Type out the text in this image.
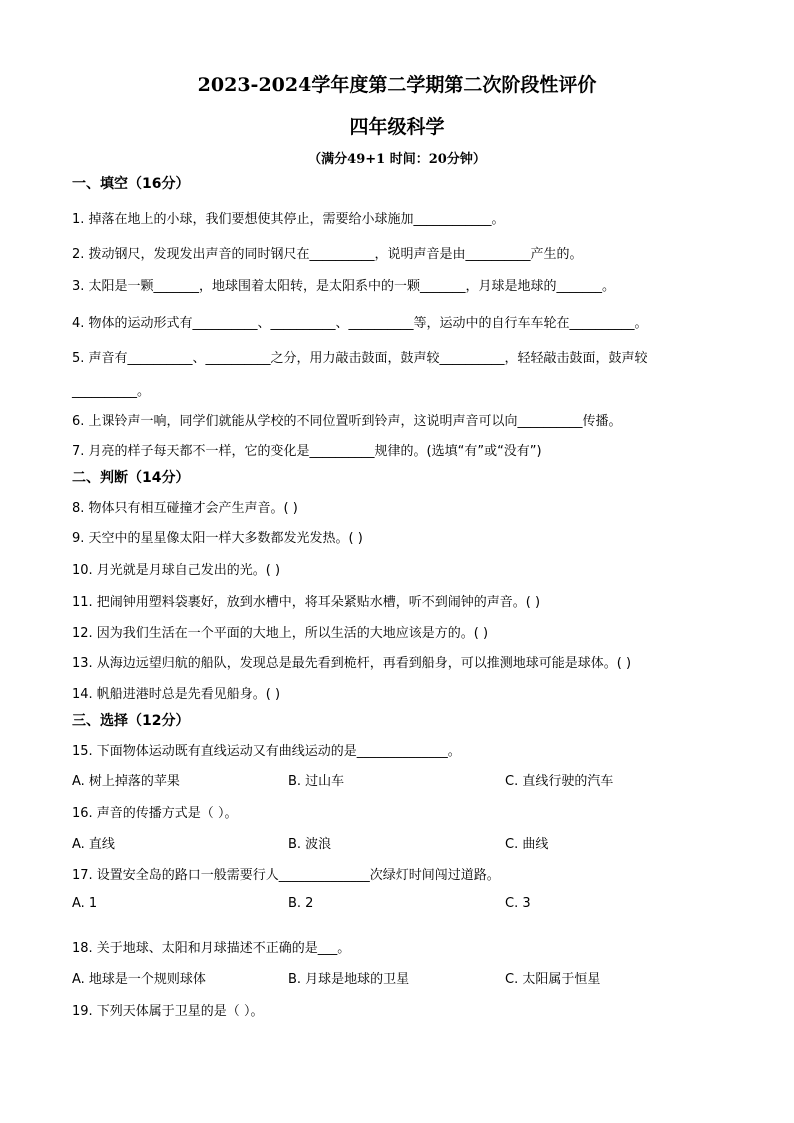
2023-2024学年度第二学期第二次阶段性评价
四年级科学
（满分49+1 时间：20分钟）
一、填空（16分）
1. 掉落在地上的小球，我们要想使其停止，需要给小球施加____________。
2. 拨动钢尺，发现发出声音的同时钢尺在__________，说明声音是由__________产生的。
3. 太阳是一颗_______，地球围着太阳转，是太阳系中的一颗_______，月球是地球的_______。
4. 物体的运动形式有__________、__________、__________等，运动中的自行车车轮在__________。
5. 声音有__________、__________之分，用力敲击鼓面，鼓声较__________，轻轻敲击鼓面，鼓声较
__________。
6. 上课铃声一响，同学们就能从学校的不同位置听到铃声，这说明声音可以向__________传播。
7. 月亮的样子每天都不一样，它的变化是__________规律的。(选填“有”或“没有”)
二、判断（14分）
8. 物体只有相互碰撞才会产生声音。( )
9. 天空中的星星像太阳一样大多数都发光发热。( )
10. 月光就是月球自己发出的光。( )
11. 把闹钟用塑料袋裹好，放到水槽中，将耳朵紧贴水槽，听不到闹钟的声音。( )
12. 因为我们生活在一个平面的大地上，所以生活的大地应该是方的。( )
13. 从海边远望归航的船队，发现总是最先看到桅杆，再看到船身，可以推测地球可能是球体。( )
14. 帆船进港时总是先看见船身。( )
三、选择（12分）
15. 下面物体运动既有直线运动又有曲线运动的是______________。
A. 树上掉落的苹果	B. 过山车	C. 直线行驶的汽车
16. 声音的传播方式是（ ）。
A. 直线	B. 波浪	C. 曲线
17. 设置安全岛的路口一般需要行人______________次绿灯时间闯过道路。
A. 1	B. 2	C. 3
18. 关于地球、太阳和月球描述不正确的是___。
A. 地球是一个规则球体	B. 月球是地球的卫星	C. 太阳属于恒星
19. 下列天体属于卫星的是（ ）。
